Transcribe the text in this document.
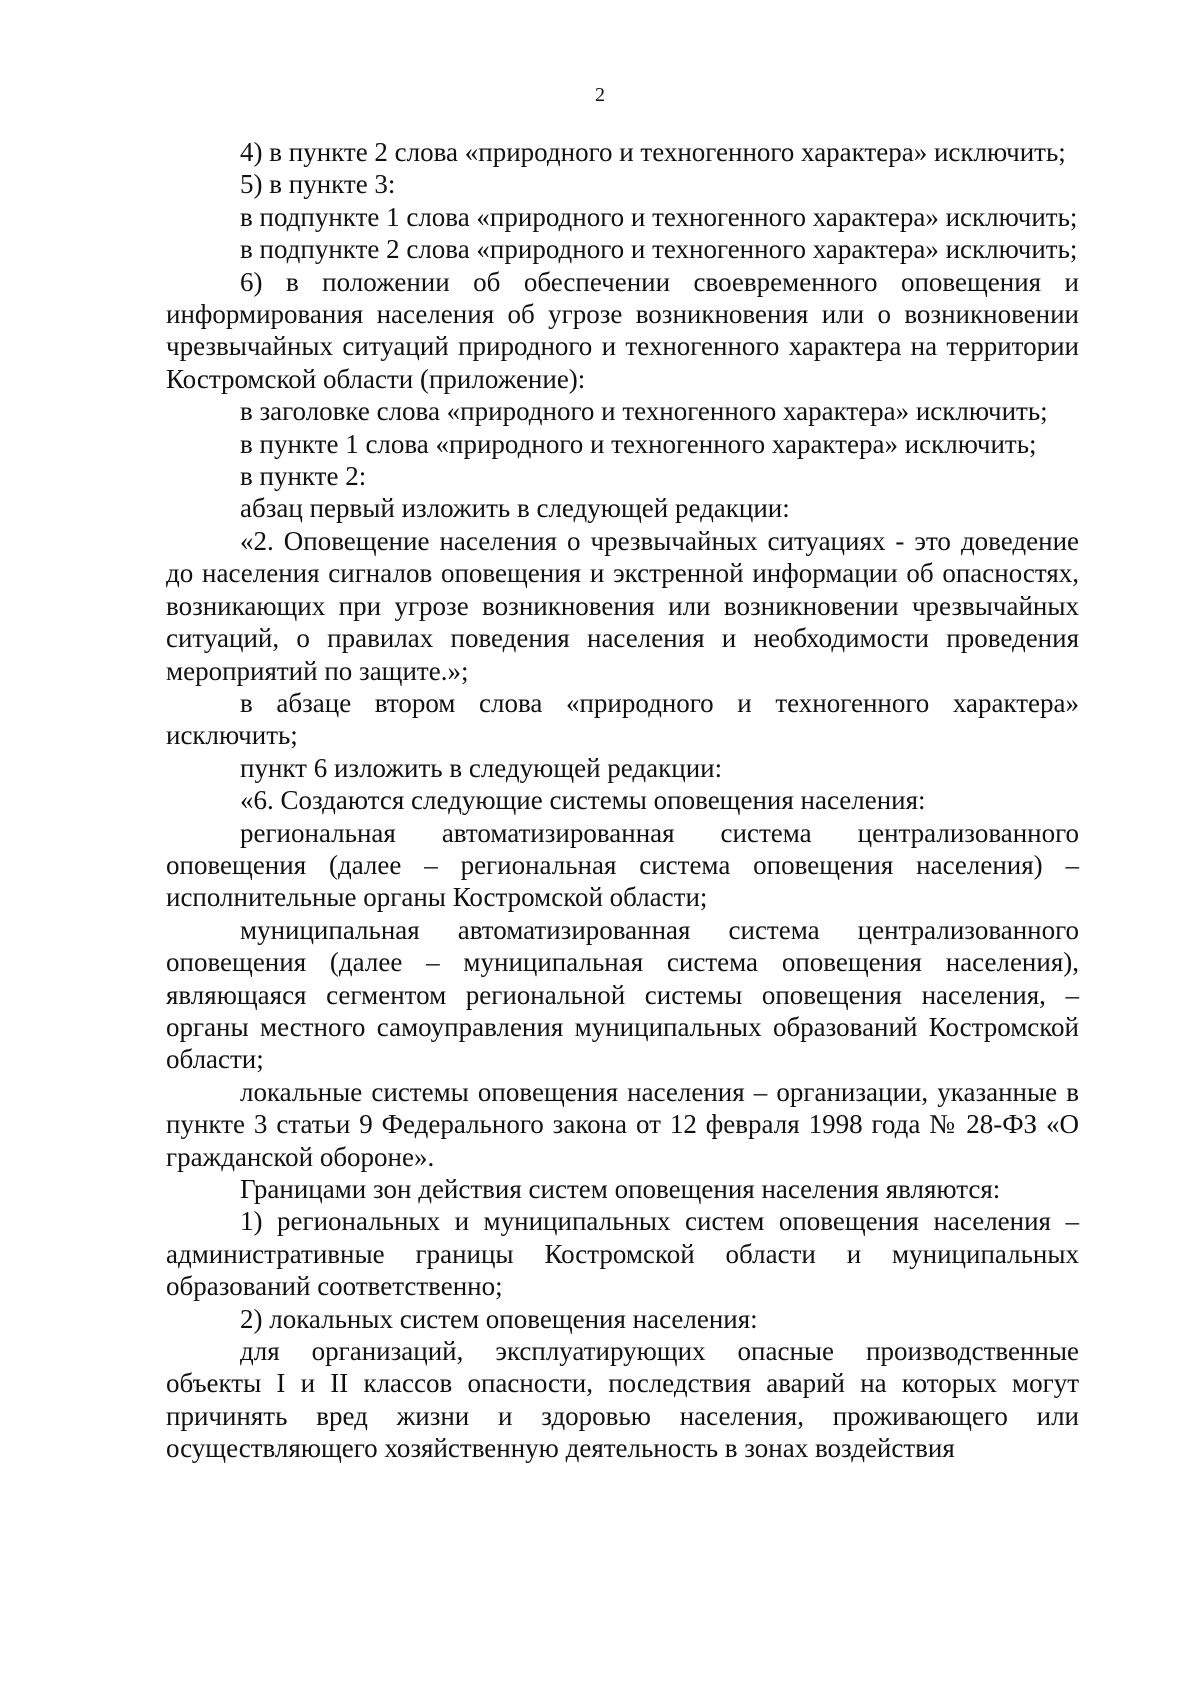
2

4) в пункте 2 слова «природного и техногенного характера» исключить;

5) в пункте 3:

в подпункте 1 слова «природного и техногенного характера» исключить;

в подпункте 2 слова «природного и техногенного характера» исключить;

6) в положении об обеспечении своевременного оповещения и информирования населения об угрозе возникновения или о возникновении чрезвычайных ситуаций природного и техногенного характера на территории Костромской области (приложение):

в заголовке слова «природного и техногенного характера» исключить;

в пункте 1 слова «природного и техногенного характера» исключить;

в пункте 2:

абзац первый изложить в следующей редакции:

«2. Оповещение населения о чрезвычайных ситуациях - это доведение до населения сигналов оповещения и экстренной информации об опасностях, возникающих при угрозе возникновения или возникновении чрезвычайных ситуаций, о правилах поведения населения и необходимости проведения мероприятий по защите.»;

в абзаце втором слова «природного и техногенного характера» исключить;

пункт 6 изложить в следующей редакции:

«6. Создаются следующие системы оповещения населения:

региональная автоматизированная система централизованного оповещения (далее – региональная система оповещения населения) – исполнительные органы Костромской области;

муниципальная автоматизированная система централизованного оповещения (далее – муниципальная система оповещения населения), являющаяся сегментом региональной системы оповещения населения, – органы местного самоуправления муниципальных образований Костромской области;

локальные системы оповещения населения – организации, указанные в пункте 3 статьи 9 Федерального закона от 12 февраля 1998 года № 28-ФЗ «О гражданской обороне».

Границами зон действия систем оповещения населения являются:

1) региональных и муниципальных систем оповещения населения – административные границы Костромской области и муниципальных образований соответственно;

2) локальных систем оповещения населения:

для организаций, эксплуатирующих опасные производственные объекты I и II классов опасности, последствия аварий на которых могут причинять вред жизни и здоровью населения, проживающего или осуществляющего хозяйственную деятельность в зонах воздействия
